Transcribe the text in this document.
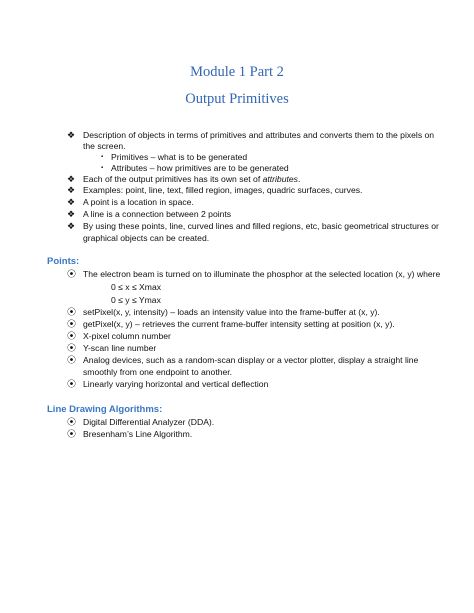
Module 1 Part 2
Output Primitives
❖ Description of objects in terms of primitives and attributes and converts them to the pixels on
the screen.
▪ Primitives – what is to be generated
▪ Attributes – how primitives are to be generated
❖ Each of the output primitives has its own set of attributes.
❖ Examples: point, line, text, filled region, images, quadric surfaces, curves.
❖ A point is a location in space.
❖ A line is a connection between 2 points
❖ By using these points, line, curved lines and filled regions, etc, basic geometrical structures or
graphical objects can be created.
Points:
⦿ The electron beam is turned on to illuminate the phosphor at the selected location (x, y) where
0 ≤ x ≤ Xmax
0 ≤ y ≤ Ymax
⦿ setPixel(x, y, intensity) – loads an intensity value into the frame-buffer at (x, y).
⦿ getPixel(x, y) – retrieves the current frame-buffer intensity setting at position (x, y).
⦿ X-pixel column number
⦿ Y-scan line number
⦿ Analog devices, such as a random-scan display or a vector plotter, display a straight line
smoothly from one endpoint to another.
⦿ Linearly varying horizontal and vertical deflection
Line Drawing Algorithms:
⦿ Digital Differential Analyzer (DDA).
⦿ Bresenham’s Line Algorithm.
